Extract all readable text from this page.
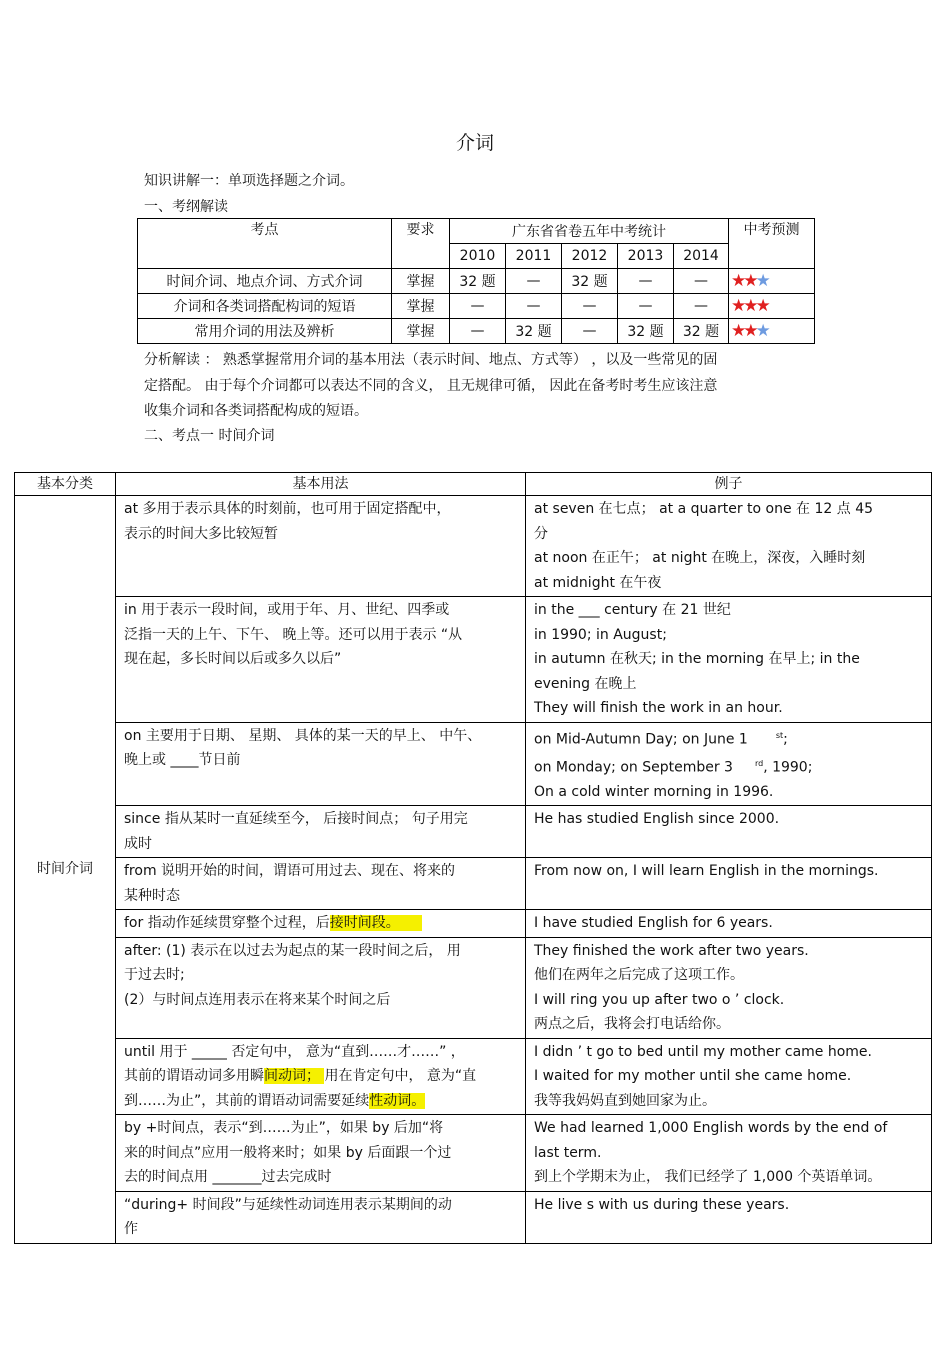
介词
知识讲解一：单项选择题之介词。
一、考纲解读
考点	要求	广东省省卷五年中考统计					中考预测
		2010	2011	2012	2013	2014	
时间介词、地点介词、方式介词	掌握	32 题	—	32 题	—	—	★★★
介词和各类词搭配构词的短语	掌握	—	—	—	—	—	★★★
常用介词的用法及辨析	掌握	—	32 题	—	32 题	32 题	★★★
分析解读 ： 熟悉掌握常用介词的基本用法（表示时间、地点、方式等） ，以及一些常见的固
定搭配。 由于每个介词都可以表达不同的含义， 且无规律可循， 因此在备考时考生应该注意
收集介词和各类词搭配构成的短语。
二、考点一 时间介词
基本分类	基本用法	例子
时间介词	at 多用于表示具体的时刻前，也可用于固定搭配中，
表示的时间大多比较短暂	at seven 在七点； at a quarter to one 在 12 点 45
分
at noon 在正午； at night 在晚上，深夜，入睡时刻
at midnight 在午夜

	in 用于表示一段时间，或用于年、月、世纪、四季或
泛指一天的上午、下午、 晚上等。还可以用于表示 “从
现在起，多长时间以后或多久以后”	in the ___ century 在 21 世纪
in 1990; in August;
in autumn 在秋天; in the morning 在早上; in the
evening 在晚上
They will finish the work in an hour.

	on 主要用于日期、 星期、 具体的某一天的早上、 中午、
晚上或 ____节日前	on Mid-Autumn Day; on June 1 $^{st}$;
on Monday; on September 3 $^{rd}$, 1990;
On a cold winter morning in 1996.

	since 指从某时一直延续至今， 后接时间点； 句子用完
成时	He has studied English since 2000.

	from 说明开始的时间，谓语可用过去、现在、将来的
某种时态	From now on, I will learn English in the mornings.

	for 指动作延续贯穿整个过程，后接时间段。	I have studied English for 6 years.

	after: (1) 表示在以过去为起点的某一段时间之后， 用
于过去时;
(2）与时间点连用表示在将来某个时间之后	They finished the work after two years.
他们在两年之后完成了这项工作。
I will ring you up after two o ’ clock.
两点之后，我将会打电话给你。

	until 用于 _____ 否定句中， 意为“直到……才……” ，
其前的谓语动词多用瞬间动词； 用在肯定句中， 意为“直
到……为止”，其前的谓语动词需要延续性动词。	I didn ’ t go to bed until my mother came home.
I waited for my mother until she came home.
我等我妈妈直到她回家为止。

	by +时间点，表示“到……为止”，如果 by 后加“将
来的时间点”应用一般将来时；如果 by 后面跟一个过
去的时间点用 _______过去完成时	We had learned 1,000 English words by the end of
last term.
到上个学期末为止， 我们已经学了 1,000 个英语单词。

	“during+ 时间段”与延续性动词连用表示某期间的动
作	He live s with us during these years.
